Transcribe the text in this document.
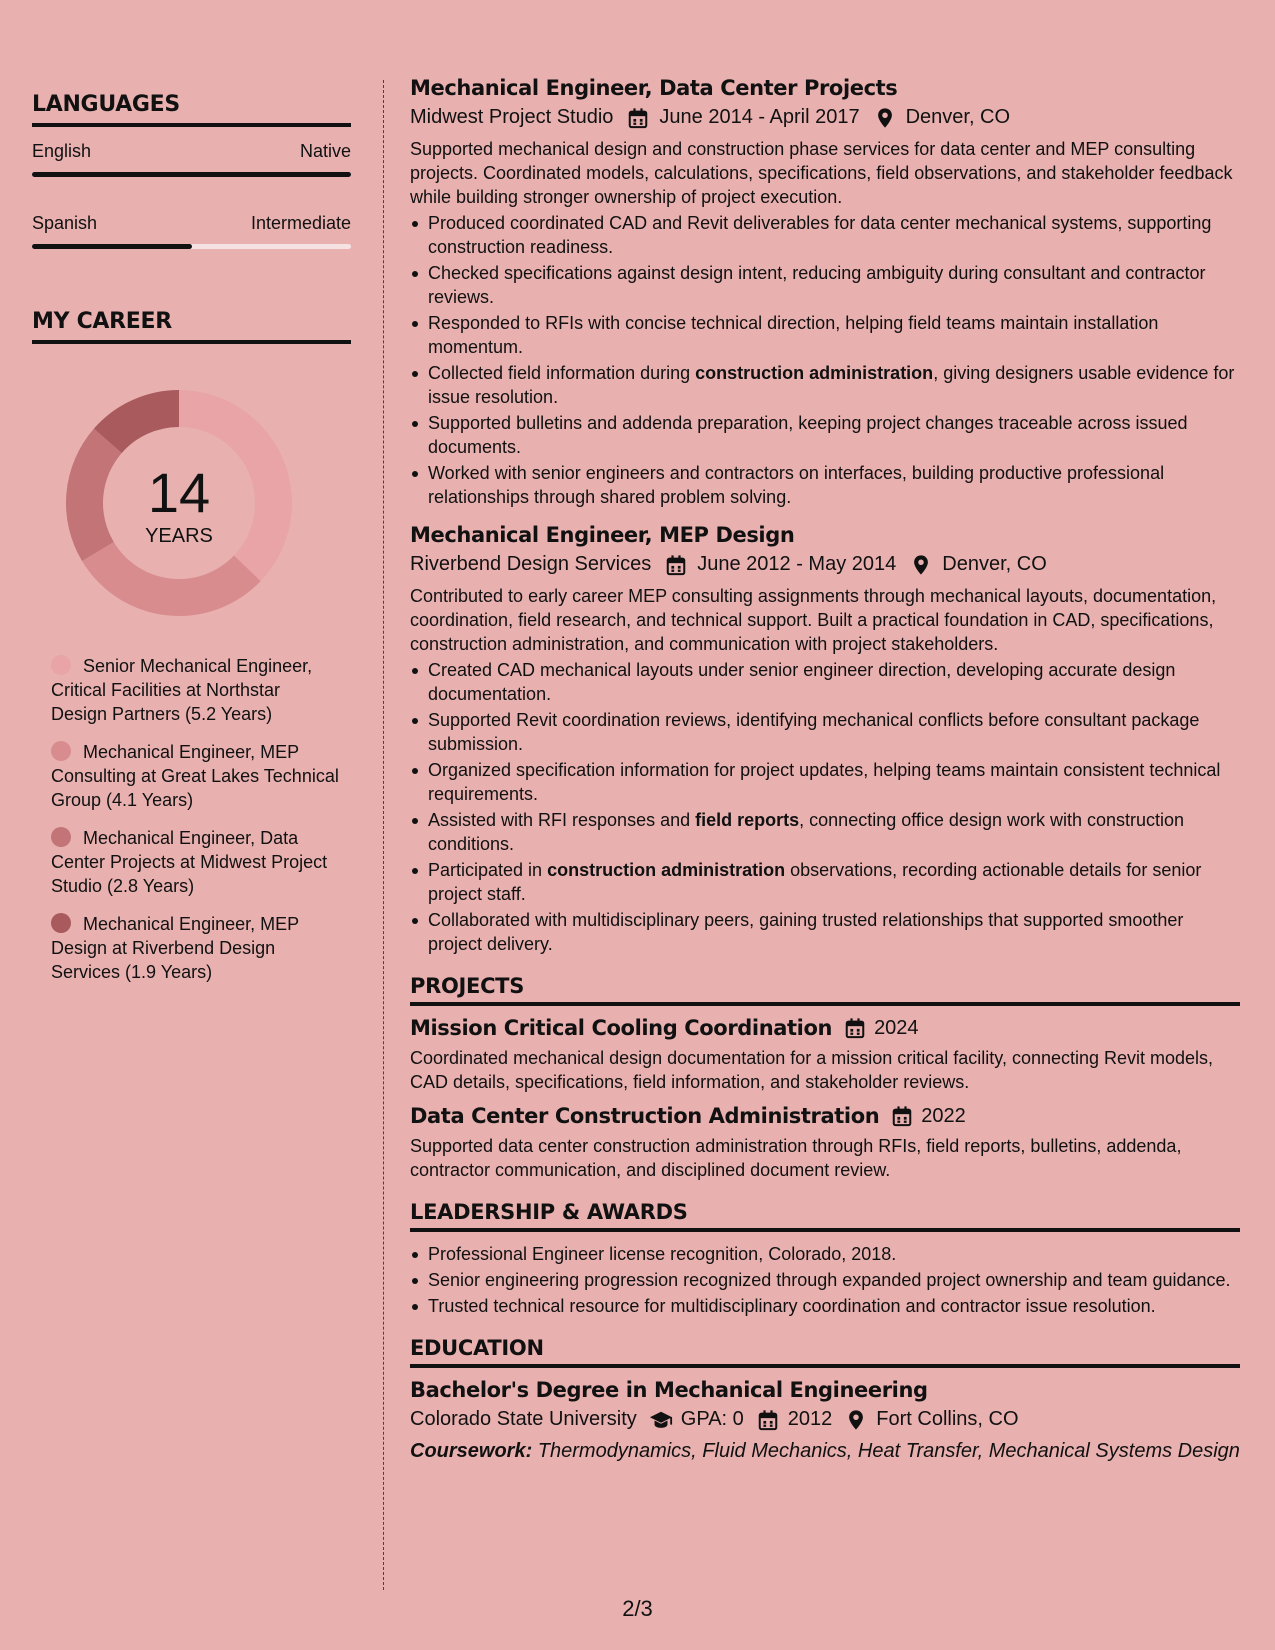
LANGUAGES
English	Native
Spanish	Intermediate
MY CAREER
14
YEARS
Senior Mechanical Engineer, Critical Facilities at Northstar Design Partners (5.2 Years)
Mechanical Engineer, MEP Consulting at Great Lakes Technical Group (4.1 Years)
Mechanical Engineer, Data Center Projects at Midwest Project Studio (2.8 Years)
Mechanical Engineer, MEP Design at Riverbend Design Services (1.9 Years)
Mechanical Engineer, Data Center Projects
Midwest Project Studio June 2014 - April 2017 Denver, CO
Supported mechanical design and construction phase services for data center and MEP consulting projects. Coordinated models, calculations, specifications, field observations, and stakeholder feedback while building stronger ownership of project execution.
Produced coordinated CAD and Revit deliverables for data center mechanical systems, supporting construction readiness.
Checked specifications against design intent, reducing ambiguity during consultant and contractor reviews.
Responded to RFIs with concise technical direction, helping field teams maintain installation momentum.
Collected field information during construction administration, giving designers usable evidence for issue resolution.
Supported bulletins and addenda preparation, keeping project changes traceable across issued documents.
Worked with senior engineers and contractors on interfaces, building productive professional relationships through shared problem solving.
Mechanical Engineer, MEP Design
Riverbend Design Services June 2012 - May 2014 Denver, CO
Contributed to early career MEP consulting assignments through mechanical layouts, documentation, coordination, field research, and technical support. Built a practical foundation in CAD, specifications, construction administration, and communication with project stakeholders.
Created CAD mechanical layouts under senior engineer direction, developing accurate design documentation.
Supported Revit coordination reviews, identifying mechanical conflicts before consultant package submission.
Organized specification information for project updates, helping teams maintain consistent technical requirements.
Assisted with RFI responses and field reports, connecting office design work with construction conditions.
Participated in construction administration observations, recording actionable details for senior project staff.
Collaborated with multidisciplinary peers, gaining trusted relationships that supported smoother project delivery.
PROJECTS
Mission Critical Cooling Coordination 2024
Coordinated mechanical design documentation for a mission critical facility, connecting Revit models, CAD details, specifications, field information, and stakeholder reviews.
Data Center Construction Administration 2022
Supported data center construction administration through RFIs, field reports, bulletins, addenda, contractor communication, and disciplined document review.
LEADERSHIP & AWARDS
Professional Engineer license recognition, Colorado, 2018.
Senior engineering progression recognized through expanded project ownership and team guidance.
Trusted technical resource for multidisciplinary coordination and contractor issue resolution.
EDUCATION
Bachelor's Degree in Mechanical Engineering
Colorado State University GPA: 0 2012 Fort Collins, CO
Coursework: Thermodynamics, Fluid Mechanics, Heat Transfer, Mechanical Systems Design
2/3
